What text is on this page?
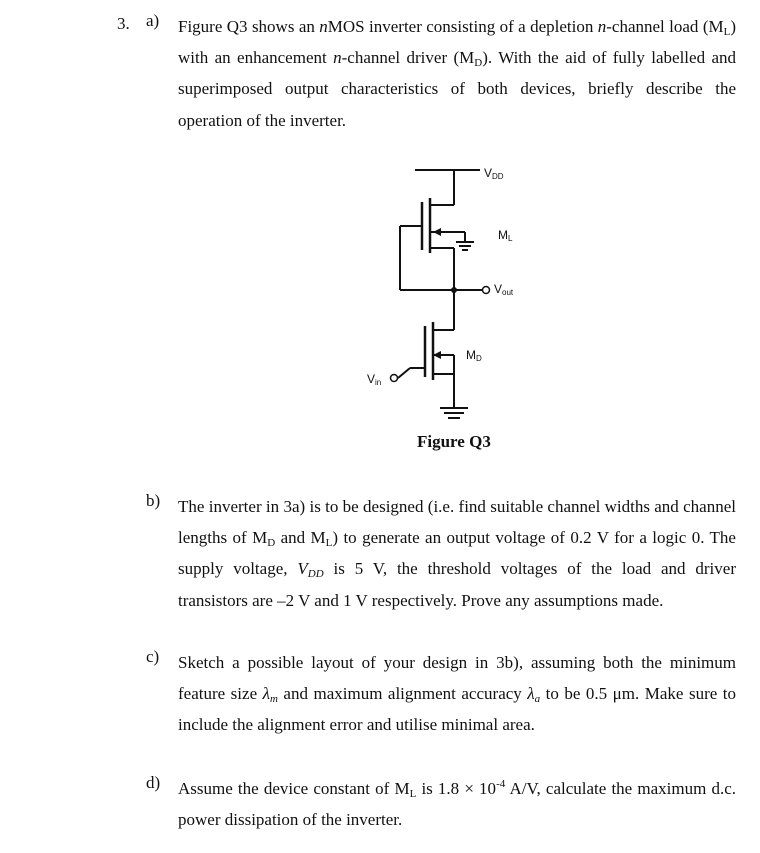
3. a) Figure Q3 shows an nMOS inverter consisting of a depletion n-channel load $(M_L)$ with an enhancement n-channel driver $(M_D)$. With the aid of fully labelled and superimposed output characteristics of both devices, briefly describe the operation of the inverter.
$V_{DD}$
$M_L$
$V_{out}$
$M_D$
$V_{in}$
Figure Q3
b) The inverter in 3a) is to be designed (i.e. find suitable channel widths and channel lengths of $M_D$ and $M_L$) to generate an output voltage of 0.2 V for a logic 0. The supply voltage, $V_{DD}$ is 5 V, the threshold voltages of the load and driver transistors are –2 V and 1 V respectively. Prove any assumptions made.
c) Sketch a possible layout of your design in 3b), assuming both the minimum feature size $\lambda_m$ and maximum alignment accuracy $\lambda_a$ to be 0.5 μm. Make sure to include the alignment error and utilise minimal area.
d) Assume the device constant of $M_L$ is $1.8 \times 10^{-4}$ A/V, calculate the maximum d.c. power dissipation of the inverter.
